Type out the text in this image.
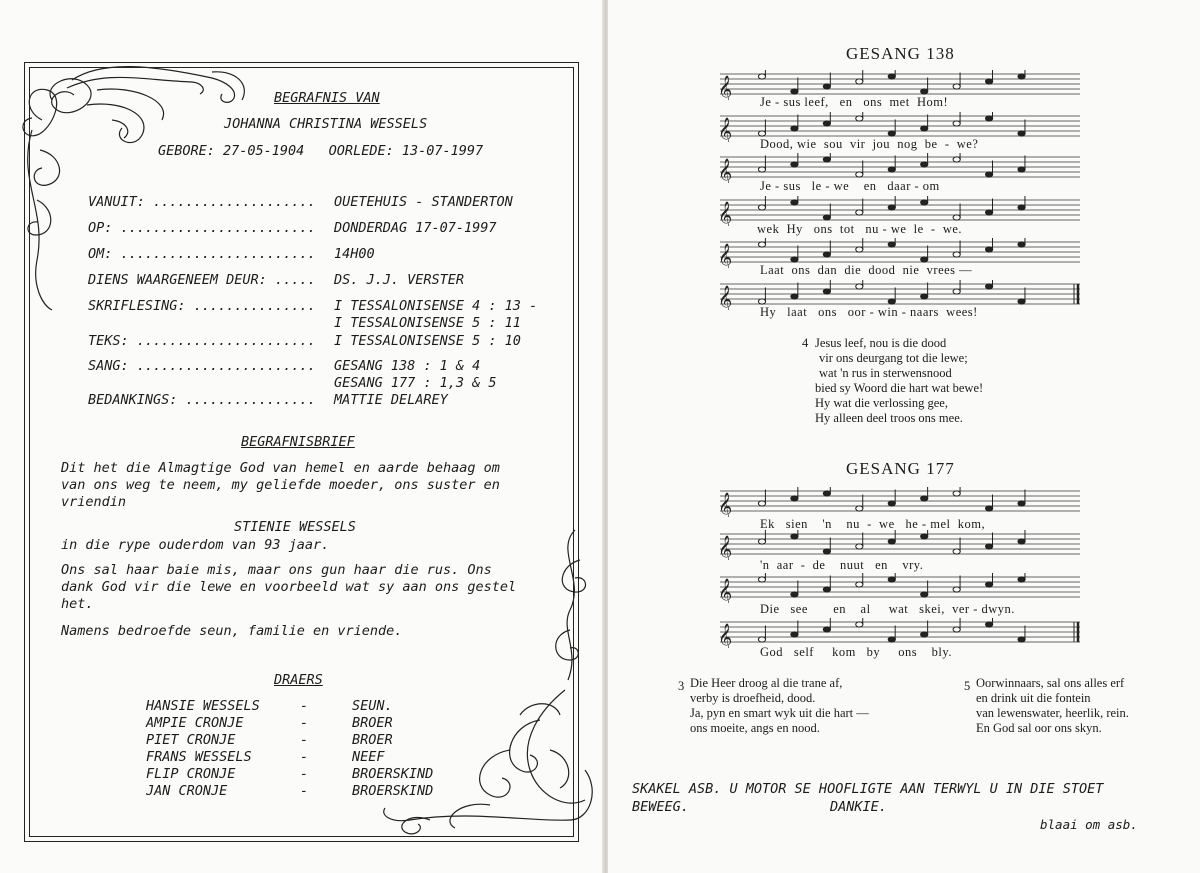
BEGRAFNIS VAN
JOHANNA CHRISTINA WESSELS
GEBORE: 27-05-1904   OORLEDE: 13-07-1997
VANUIT: .................... OUETEHUIS - STANDERTON
OP: ........................ DONDERDAG 17-07-1997
OM: ........................ 14H00
DIENS WAARGENEEM DEUR: ..... DS. J.J. VERSTER
SKRIFLESING: ............... I TESSALONISENSE 4 : 13 -
I TESSALONISENSE 5 : 11
TEKS: ...................... I TESSALONISENSE 5 : 10
SANG: ...................... GESANG 138 : 1 & 4
GESANG 177 : 1,3 & 5
BEDANKINGS: ................ MATTIE DELAREY
BEGRAFNISBRIEF
Dit het die Almagtige God van hemel en aarde behaag om
van ons weg te neem, my geliefde moeder, ons suster en
vriendin
STIENIE WESSELS
in die rype ouderdom van 93 jaar.
Ons sal haar baie mis, maar ons gun haar die rus. Ons
dank God vir die lewe en voorbeeld wat sy aan ons gestel
het.
Namens bedroefde seun, familie en vriende.
DRAERS
HANSIE WESSELS	-	SEUN.
AMPIE CRONJE	-	BROER
PIET CRONJE	-	BROER
FRANS WESSELS	-	NEEF
FLIP CRONJE	-	BROERSKIND
JAN CRONJE	-	BROERSKIND
GESANG 138
𝄞 Je - sus leef,   en   ons  met  Hom!
𝄞 Dood, wie  sou  vir  jou  nog  be  -  we?
𝄞 Je - sus   le - we    en   daar - om
𝄞 wek  Hy   ons  tot   nu - we  le  -  we.
𝄞 Laat  ons  dan  die  dood  nie  vrees —
𝄞 Hy   laat   ons   oor - win - naars  wees!
4 Jesus leef, nou is die dood
vir ons deurgang tot die lewe;
wat 'n rus in sterwensnood
bied sy Woord die hart wat bewe!
Hy wat die verlossing gee,
Hy alleen deel troos ons mee.
GESANG 177
𝄞
Ek   sien    'n    nu  -  we   he - mel  kom,
𝄞
'n  aar  -  de    nuut   en    vry.
𝄞
Die   see       en    al     wat   skei,  ver - dwyn.
𝄞
God   self     kom   by     ons    bly.
3 Die Heer droog al die trane af,
verby is droefheid, dood.
Ja, pyn en smart wyk uit die hart —
ons moeite, angs en nood.
5 Oorwinnaars, sal ons alles erf
en drink uit die fontein
van lewenswater, heerlik, rein.
En God sal oor ons skyn.
SKAKEL ASB. U MOTOR SE HOOFLIGTE AAN TERWYL U IN DIE STOET
BEWEEG.	DANKIE.
blaai om asb.
